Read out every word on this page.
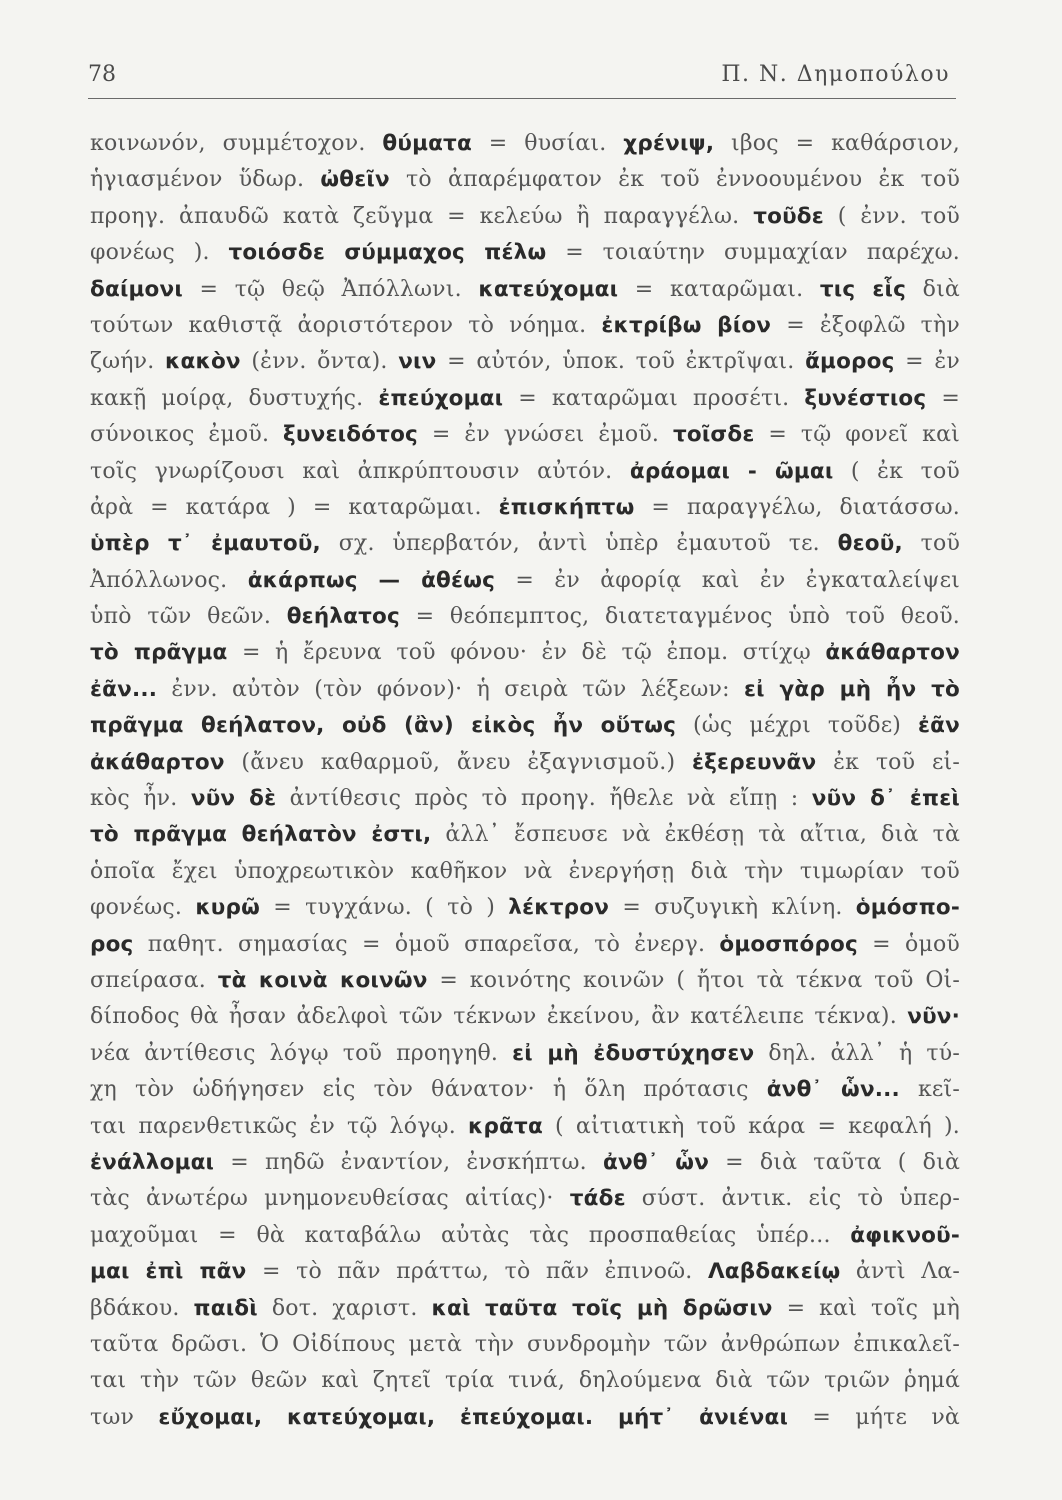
78	Π. Ν. Δημοπούλου
κοινωνόν, συμμέτοχον. θύματα = θυσίαι. χρένιψ, ιβος = καθάρσιον,
ἡγιασμένον ὕδωρ. ὠθεῖν τὸ ἀπαρέμφατον ἐκ τοῦ ἐννοουμένου ἐκ τοῦ
προηγ. ἀπαυδῶ κατὰ ζεῦγμα = κελεύω ἢ παραγγέλω. τοῦδε ( ἐνν. τοῦ
φονέως ). τοιόσδε σύμμαχος πέλω = τοιαύτην συμμαχίαν παρέχω.
δαίμονι = τῷ θεῷ Ἀπόλλωνι. κατεύχομαι = καταρῶμαι. τις εἷς διὰ
τούτων καθιστᾷ ἀοριστότερον τὸ νόημα. ἐκτρίβω βίον = ἐξοφλῶ τὴν
ζωήν. κακὸν (ἐνν. ὄντα). νιν = αὐτόν, ὑποκ. τοῦ ἐκτρῖψαι. ἄμορος = ἐν
κακῇ μοίρᾳ, δυστυχής. ἐπεύχομαι = καταρῶμαι προσέτι. ξυνέστιος =
σύνοικος ἐμοῦ. ξυνειδότος = ἐν γνώσει ἐμοῦ. τοῖσδε = τῷ φονεῖ καὶ
τοῖς γνωρίζουσι καὶ ἀπκρύπτουσιν αὐτόν. ἀράομαι - ῶμαι ( ἐκ τοῦ
ἀρὰ = κατάρα ) = καταρῶμαι. ἐπισκήπτω = παραγγέλω, διατάσσω.
ὑπὲρ τ᾽ ἐμαυτοῦ, σχ. ὑπερβατόν, ἀντὶ ὑπὲρ ἐμαυτοῦ τε. θεοῦ, τοῦ
Ἀπόλλωνος. ἀκάρπως — ἀθέως = ἐν ἀφορίᾳ καὶ ἐν ἐγκαταλείψει
ὑπὸ τῶν θεῶν. θεήλατος = θεόπεμπτος, διατεταγμένος ὑπὸ τοῦ θεοῦ.
τὸ πρᾶγμα = ἡ ἔρευνα τοῦ φόνου· ἐν δὲ τῷ ἐπομ. στίχῳ ἀκάθαρτον
ἐᾶν... ἐνν. αὐτὸν (τὸν φόνον)· ἡ σειρὰ τῶν λέξεων: εἰ γὰρ μὴ ἦν τὸ
πρᾶγμα θεήλατον, οὐδ (ἂν) εἰκὸς ἦν οὕτως (ὡς μέχρι τοῦδε) ἐᾶν
ἀκάθαρτον (ἄνευ καθαρμοῦ, ἄνευ ἐξαγνισμοῦ.) ἐξερευνᾶν ἐκ τοῦ εἰ-
κὸς ἦν. νῦν δὲ ἀντίθεσις πρὸς τὸ προηγ. ἤθελε νὰ εἴπῃ : νῦν δ᾽ ἐπεὶ
τὸ πρᾶγμα θεήλατὸν ἐστι, ἀλλ᾽ ἔσπευσε νὰ ἐκθέσῃ τὰ αἴτια, διὰ τὰ
ὁποῖα ἔχει ὑποχρεωτικὸν καθῆκον νὰ ἐνεργήσῃ διὰ τὴν τιμωρίαν τοῦ
φονέως. κυρῶ = τυγχάνω. ( τὸ ) λέκτρον = συζυγικὴ κλίνη. ὁμόσπο-
ρος παθητ. σημασίας = ὁμοῦ σπαρεῖσα, τὸ ἐνεργ. ὁμοσπόρος = ὁμοῦ
σπείρασα. τὰ κοινὰ κοινῶν = κοινότης κοινῶν ( ἤτοι τὰ τέκνα τοῦ Οἰ-
δίποδος θὰ ἦσαν ἀδελφοὶ τῶν τέκνων ἐκείνου, ἂν κατέλειπε τέκνα). νῦν·
νέα ἀντίθεσις λόγῳ τοῦ προηγηθ. εἰ μὴ ἐδυστύχησεν δηλ. ἀλλ᾽ ἡ τύ-
χη τὸν ὡδήγησεν εἰς τὸν θάνατον· ἡ ὅλη πρότασις ἀνθ᾽ ὧν... κεῖ-
ται παρενθετικῶς ἐν τῷ λόγῳ. κρᾶτα ( αἰτιατικὴ τοῦ κάρα = κεφαλή ).
ἐνάλλομαι = πηδῶ ἐναντίον, ἐνσκήπτω. ἀνθ᾽ ὧν = διὰ ταῦτα ( διὰ
τὰς ἀνωτέρω μνημονευθείσας αἰτίας)· τάδε σύστ. ἀντικ. εἰς τὸ ὑπερ-
μαχοῦμαι = θὰ καταβάλω αὐτὰς τὰς προσπαθείας ὑπέρ... ἀφικνοῦ-
μαι ἐπὶ πᾶν = τὸ πᾶν πράττω, τὸ πᾶν ἐπινοῶ. Λαβδακείῳ ἀντὶ Λα-
βδάκου. παιδὶ δοτ. χαριστ. καὶ ταῦτα τοῖς μὴ δρῶσιν = καὶ τοῖς μὴ
ταῦτα δρῶσι. Ὁ Οἰδίπους μετὰ τὴν συνδρομὴν τῶν ἀνθρώπων ἐπικαλεῖ-
ται τὴν τῶν θεῶν καὶ ζητεῖ τρία τινά, δηλούμενα διὰ τῶν τριῶν ῥημά
των εὔχομαι, κατεύχομαι, ἐπεύχομαι. μήτ᾽ ἀνιέναι = μήτε νὰ
